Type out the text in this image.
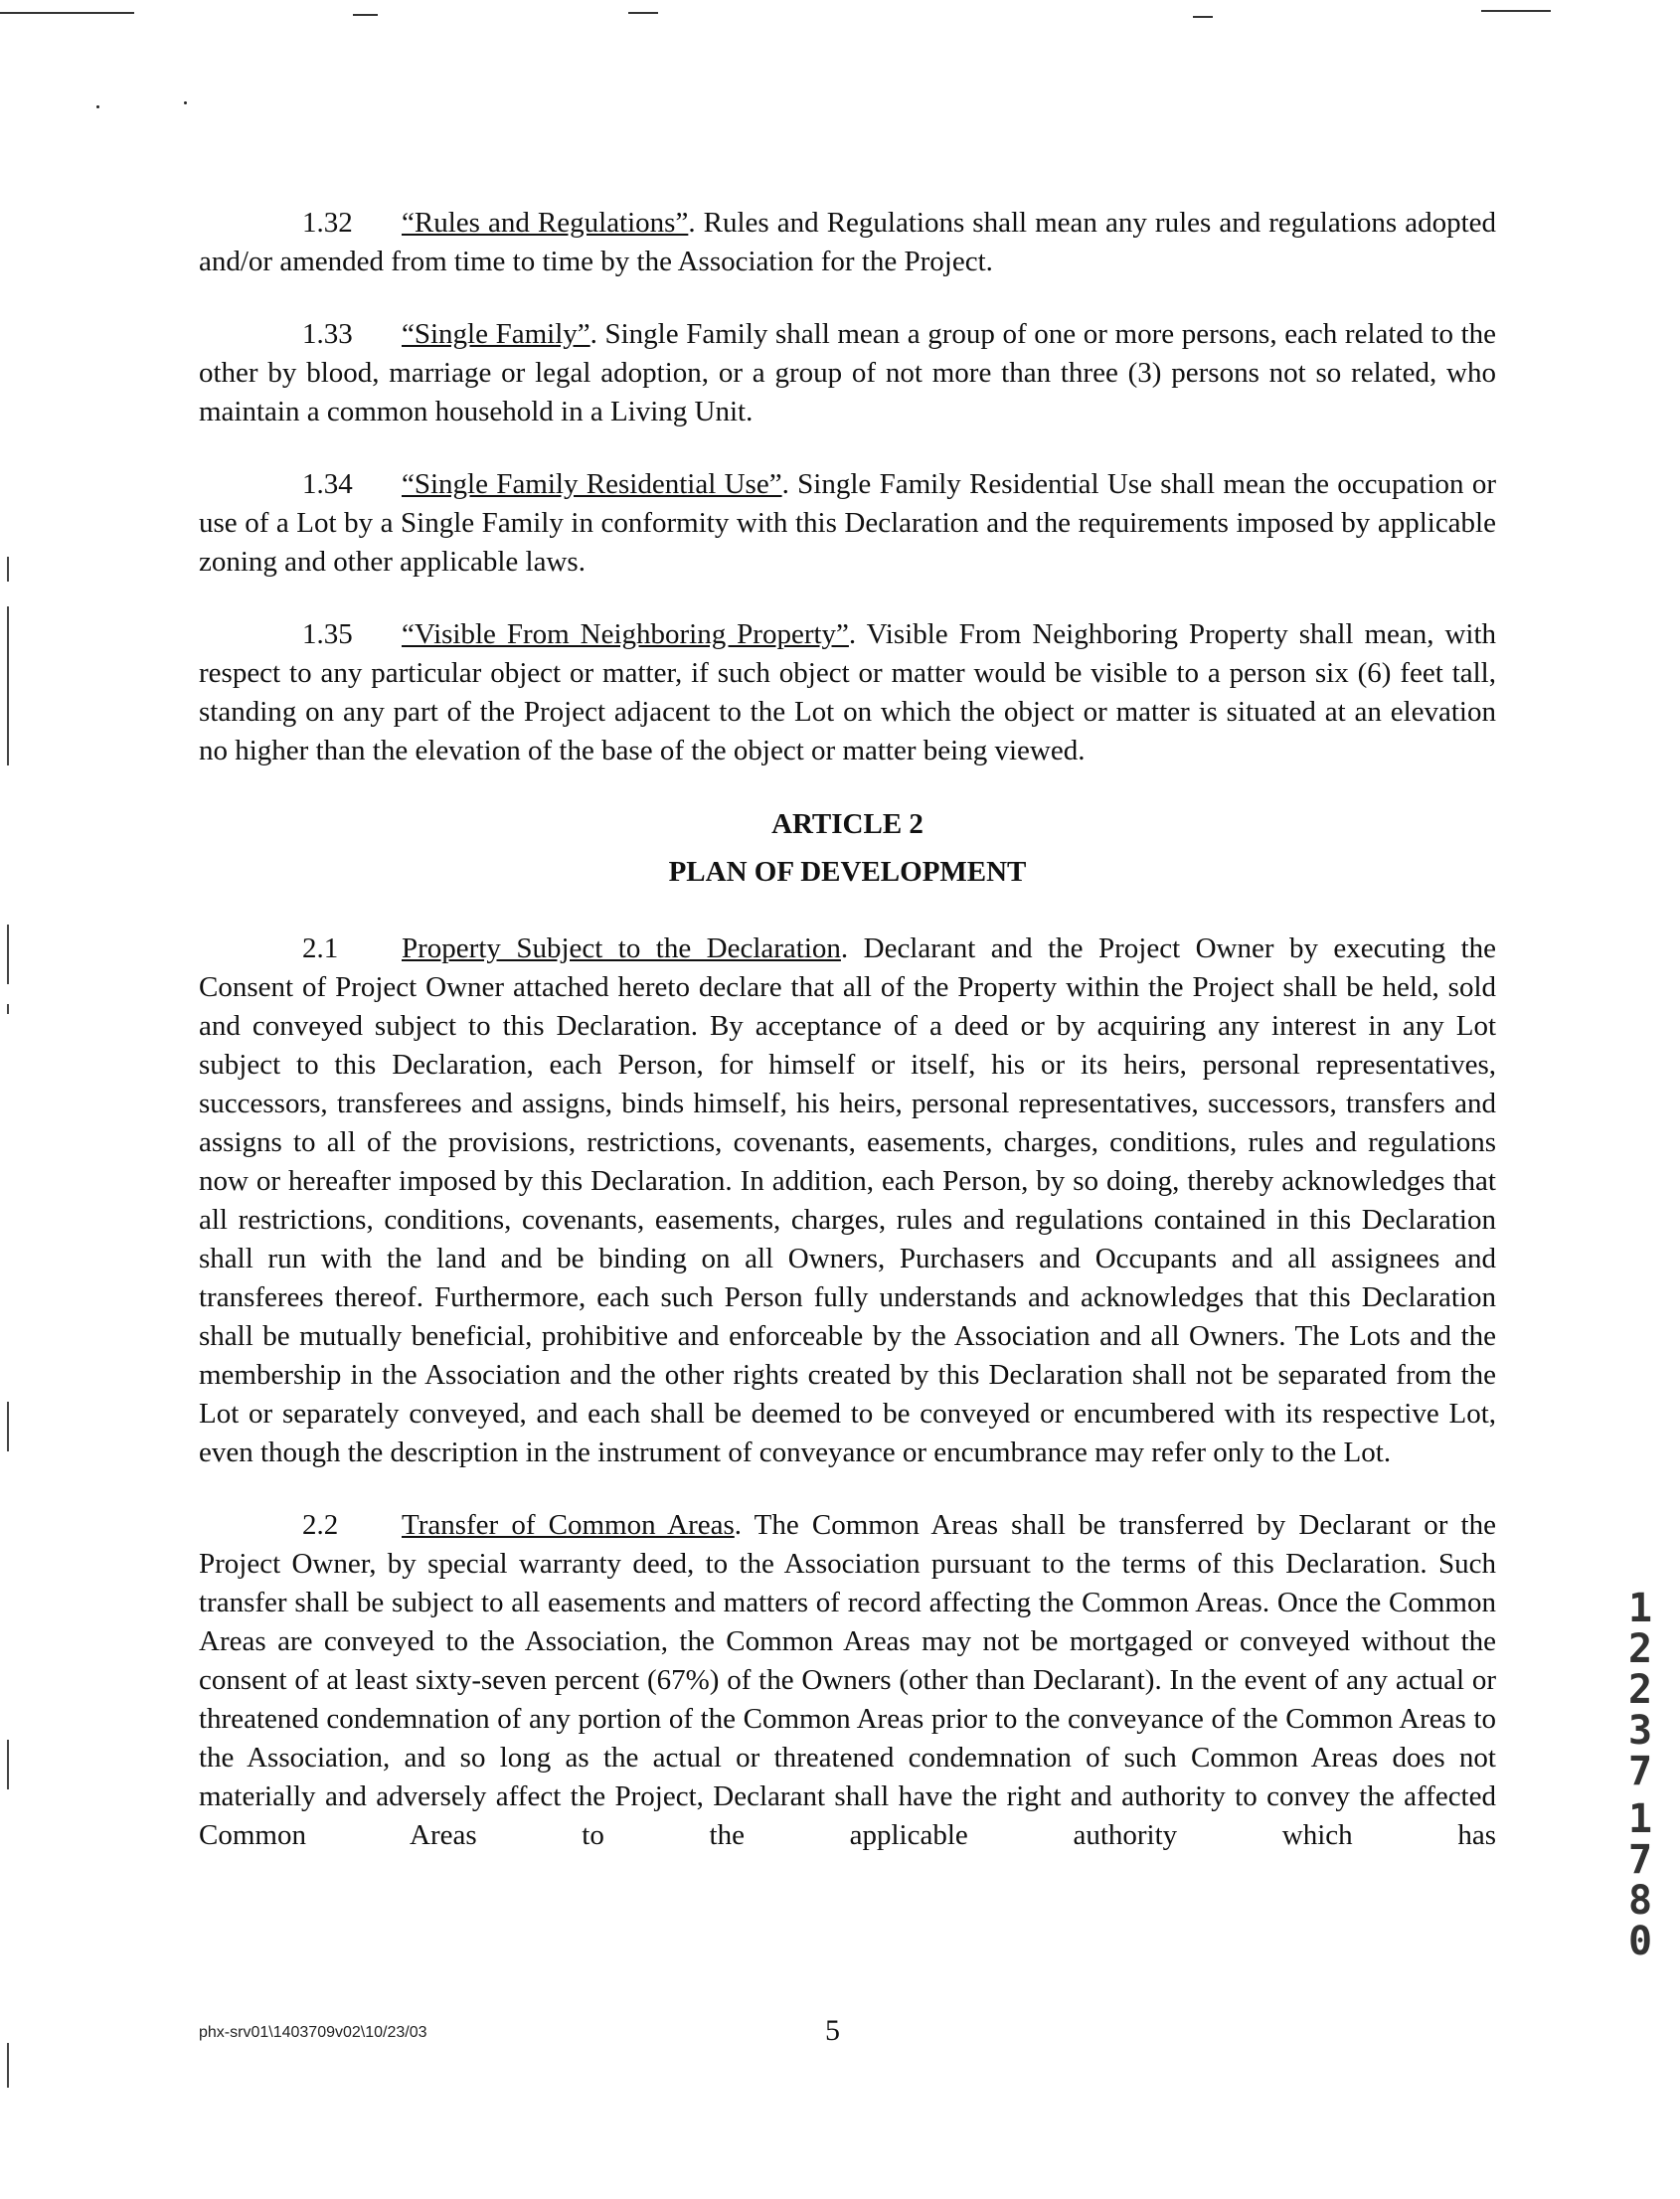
1.32 “Rules and Regulations”. Rules and Regulations shall mean any rules and regulations adopted and/or amended from time to time by the Association for the Project.

1.33 “Single Family”. Single Family shall mean a group of one or more persons, each related to the other by blood, marriage or legal adoption, or a group of not more than three (3) persons not so related, who maintain a common household in a Living Unit.

1.34 “Single Family Residential Use”. Single Family Residential Use shall mean the occupation or use of a Lot by a Single Family in conformity with this Declaration and the requirements imposed by applicable zoning and other applicable laws.

1.35 “Visible From Neighboring Property”. Visible From Neighboring Property shall mean, with respect to any particular object or matter, if such object or matter would be visible to a person six (6) feet tall, standing on any part of the Project adjacent to the Lot on which the object or matter is situated at an elevation no higher than the elevation of the base of the object or matter being viewed.

ARTICLE 2
PLAN OF DEVELOPMENT

2.1 Property Subject to the Declaration. Declarant and the Project Owner by executing the Consent of Project Owner attached hereto declare that all of the Property within the Project shall be held, sold and conveyed subject to this Declaration. By acceptance of a deed or by acquiring any interest in any Lot subject to this Declaration, each Person, for himself or itself, his or its heirs, personal representatives, successors, transferees and assigns, binds himself, his heirs, personal representatives, successors, transfers and assigns to all of the provisions, restrictions, covenants, easements, charges, conditions, rules and regulations now or hereafter imposed by this Declaration. In addition, each Person, by so doing, thereby acknowledges that all restrictions, conditions, covenants, easements, charges, rules and regulations contained in this Declaration shall run with the land and be binding on all Owners, Purchasers and Occupants and all assignees and transferees thereof. Furthermore, each such Person fully understands and acknowledges that this Declaration shall be mutually beneficial, prohibitive and enforceable by the Association and all Owners. The Lots and the membership in the Association and the other rights created by this Declaration shall not be separated from the Lot or separately conveyed, and each shall be deemed to be conveyed or encumbered with its respective Lot, even though the description in the instrument of conveyance or encumbrance may refer only to the Lot.

2.2 Transfer of Common Areas. The Common Areas shall be transferred by Declarant or the Project Owner, by special warranty deed, to the Association pursuant to the terms of this Declaration. Such transfer shall be subject to all easements and matters of record affecting the Common Areas. Once the Common Areas are conveyed to the Association, the Common Areas may not be mortgaged or conveyed without the consent of at least sixty-seven percent (67%) of the Owners (other than Declarant). In the event of any actual or threatened condemnation of any portion of the Common Areas prior to the conveyance of the Common Areas to the Association, and so long as the actual or threatened condemnation of such Common Areas does not materially and adversely affect the Project, Declarant shall have the right and authority to convey the affected Common Areas to the applicable authority which has

12237
1780
phx-srv01\1403709v02\10/23/03	5
